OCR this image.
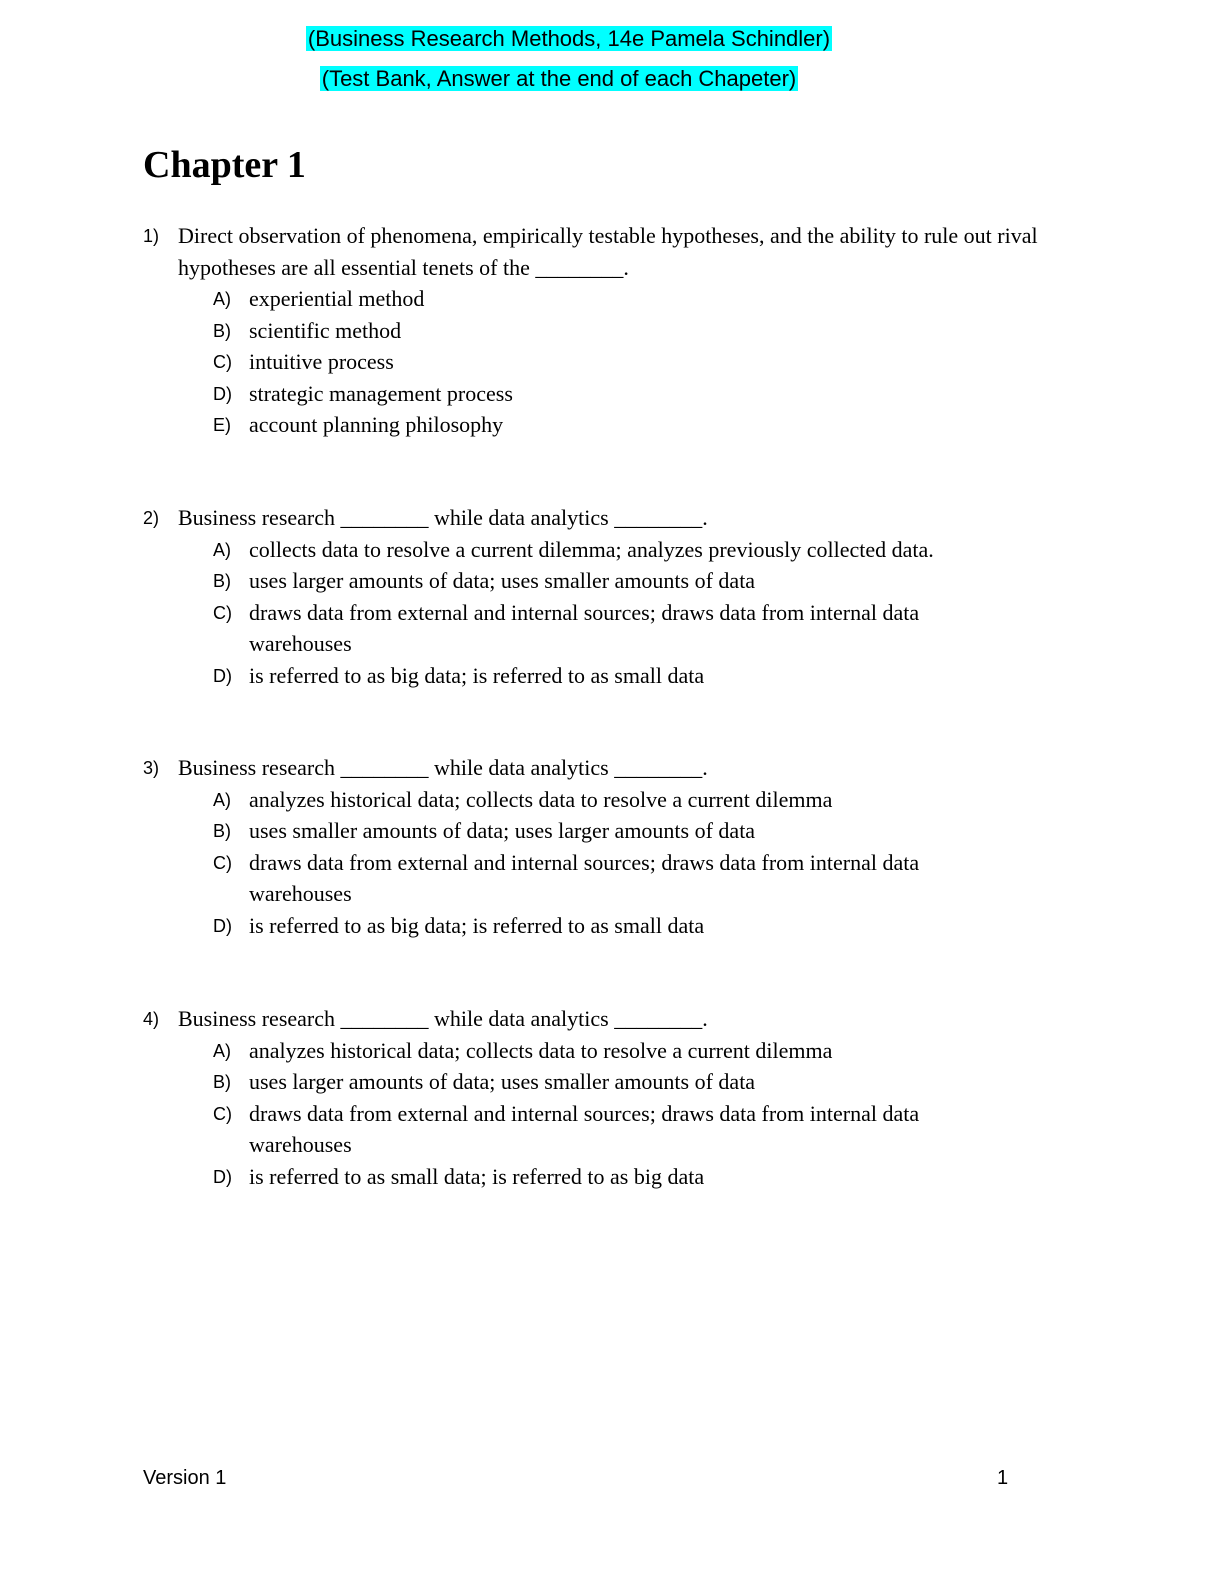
(Business Research Methods, 14e Pamela Schindler)
(Test Bank, Answer at the end of each Chapeter)
Chapter 1
1) Direct observation of phenomena, empirically testable hypotheses, and the ability to rule out rival hypotheses are all essential tenets of the ________.
A) experiential method
B) scientific method
C) intuitive process
D) strategic management process
E) account planning philosophy
2) Business research ________ while data analytics ________.
A) collects data to resolve a current dilemma; analyzes previously collected data.
B) uses larger amounts of data; uses smaller amounts of data
C) draws data from external and internal sources; draws data from internal data warehouses
D) is referred to as big data; is referred to as small data
3) Business research ________ while data analytics ________.
A) analyzes historical data; collects data to resolve a current dilemma
B) uses smaller amounts of data; uses larger amounts of data
C) draws data from external and internal sources; draws data from internal data warehouses
D) is referred to as big data; is referred to as small data
4) Business research ________ while data analytics ________.
A) analyzes historical data; collects data to resolve a current dilemma
B) uses larger amounts of data; uses smaller amounts of data
C) draws data from external and internal sources; draws data from internal data warehouses
D) is referred to as small data; is referred to as big data
Version 1	1
